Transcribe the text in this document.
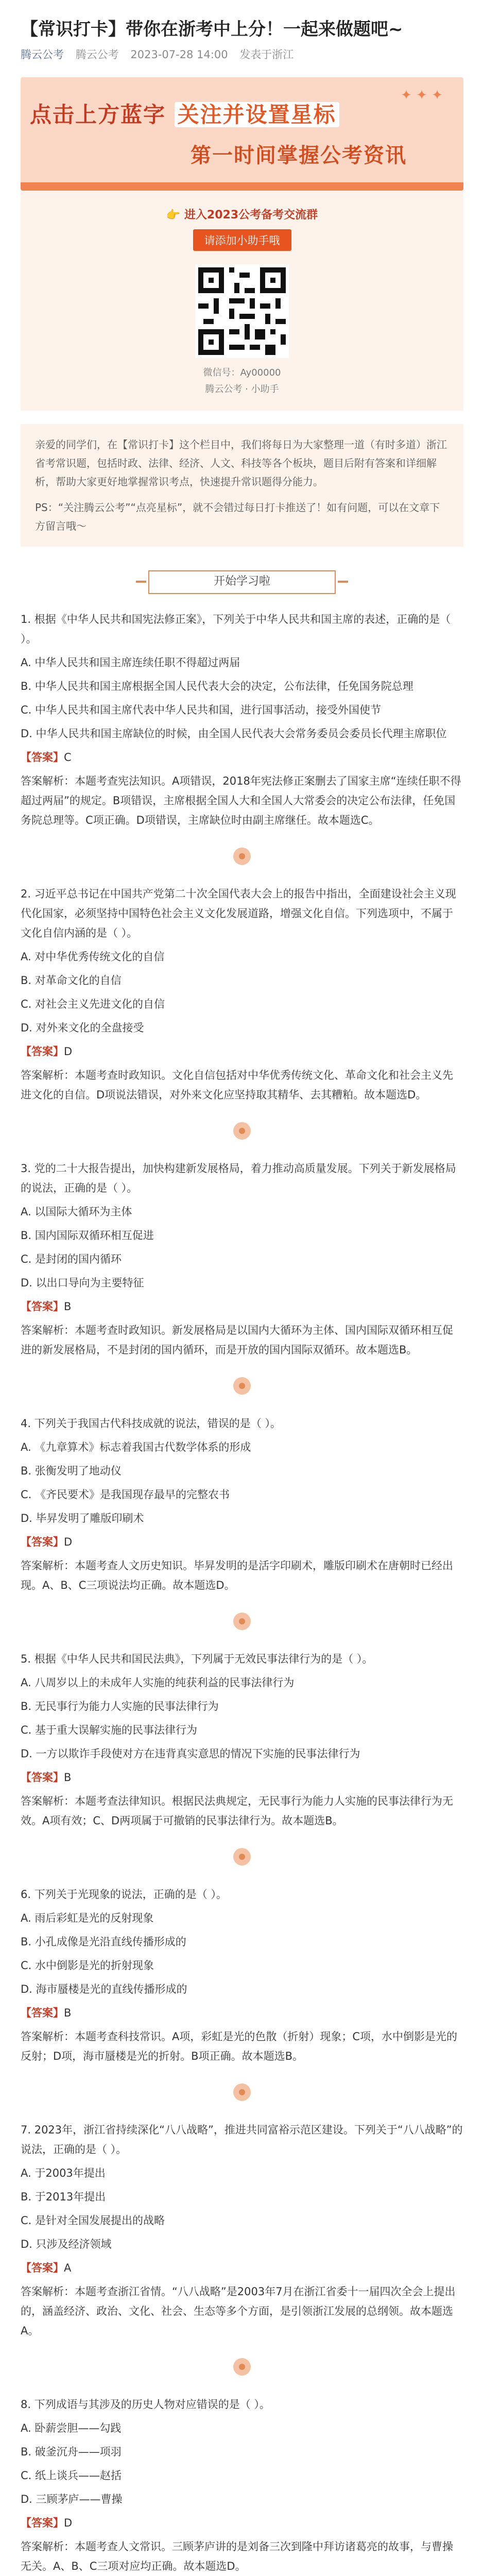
【常识打卡】带你在浙考中上分！一起来做题吧~
腾云公考 腾云公考 2023-07-28 14:00 发表于浙江
✦ ✦ ✦
点击上方蓝字 关注并设置星标
第一时间掌握公考资讯
👉 进入2023公考备考交流群
请添加小助手哦
微信号：Ay00000
腾云公考 · 小助手

亲爱的同学们，在【常识打卡】这个栏目中，我们将每日为大家整理一道（有时多道）浙江省考常识题，包括时政、法律、经济、人文、科技等各个板块，题目后附有答案和详细解析，帮助大家更好地掌握常识考点，快速提升常识题得分能力。

PS：“关注腾云公考”“点亮星标”，就不会错过每日打卡推送了！如有问题，可以在文章下方留言哦～

开始学习啦

1. 根据《中华人民共和国宪法修正案》，下列关于中华人民共和国主席的表述，正确的是（ ）。

A. 中华人民共和国主席连续任职不得超过两届

B. 中华人民共和国主席根据全国人民代表大会的决定，公布法律，任免国务院总理

C. 中华人民共和国主席代表中华人民共和国，进行国事活动，接受外国使节

D. 中华人民共和国主席缺位的时候，由全国人民代表大会常务委员会委员长代理主席职位

【答案】C

答案解析：本题考查宪法知识。A项错误，2018年宪法修正案删去了国家主席“连续任职不得超过两届”的规定。B项错误，主席根据全国人大和全国人大常委会的决定公布法律，任免国务院总理等。C项正确。D项错误，主席缺位时由副主席继任。故本题选C。

2. 习近平总书记在中国共产党第二十次全国代表大会上的报告中指出，全面建设社会主义现代化国家，必须坚持中国特色社会主义文化发展道路，增强文化自信。下列选项中，不属于文化自信内涵的是（ ）。

A. 对中华优秀传统文化的自信

B. 对革命文化的自信

C. 对社会主义先进文化的自信

D. 对外来文化的全盘接受

【答案】D

答案解析：本题考查时政知识。文化自信包括对中华优秀传统文化、革命文化和社会主义先进文化的自信。D项说法错误，对外来文化应坚持取其精华、去其糟粕。故本题选D。

3. 党的二十大报告提出，加快构建新发展格局，着力推动高质量发展。下列关于新发展格局的说法，正确的是（ ）。

A. 以国际大循环为主体

B. 国内国际双循环相互促进

C. 是封闭的国内循环

D. 以出口导向为主要特征

【答案】B

答案解析：本题考查时政知识。新发展格局是以国内大循环为主体、国内国际双循环相互促进的新发展格局，不是封闭的国内循环，而是开放的国内国际双循环。故本题选B。

4. 下列关于我国古代科技成就的说法，错误的是（ ）。

A. 《九章算术》标志着我国古代数学体系的形成

B. 张衡发明了地动仪

C. 《齐民要术》是我国现存最早的完整农书

D. 毕昇发明了雕版印刷术

【答案】D

答案解析：本题考查人文历史知识。毕昇发明的是活字印刷术，雕版印刷术在唐朝时已经出现。A、B、C三项说法均正确。故本题选D。

5. 根据《中华人民共和国民法典》，下列属于无效民事法律行为的是（ ）。

A. 八周岁以上的未成年人实施的纯获利益的民事法律行为

B. 无民事行为能力人实施的民事法律行为

C. 基于重大误解实施的民事法律行为

D. 一方以欺诈手段使对方在违背真实意思的情况下实施的民事法律行为

【答案】B

答案解析：本题考查法律知识。根据民法典规定，无民事行为能力人实施的民事法律行为无效。A项有效；C、D两项属于可撤销的民事法律行为。故本题选B。

6. 下列关于光现象的说法，正确的是（ ）。

A. 雨后彩虹是光的反射现象

B. 小孔成像是光沿直线传播形成的

C. 水中倒影是光的折射现象

D. 海市蜃楼是光的直线传播形成的

【答案】B

答案解析：本题考查科技常识。A项，彩虹是光的色散（折射）现象；C项，水中倒影是光的反射；D项，海市蜃楼是光的折射。B项正确。故本题选B。

7. 2023年，浙江省持续深化“八八战略”，推进共同富裕示范区建设。下列关于“八八战略”的说法，正确的是（ ）。

A. 于2003年提出

B. 于2013年提出

C. 是针对全国发展提出的战略

D. 只涉及经济领域

【答案】A

答案解析：本题考查浙江省情。“八八战略”是2003年7月在浙江省委十一届四次全会上提出的，涵盖经济、政治、文化、社会、生态等多个方面，是引领浙江发展的总纲领。故本题选A。

8. 下列成语与其涉及的历史人物对应错误的是（ ）。

A. 卧薪尝胆——勾践

B. 破釜沉舟——项羽

C. 纸上谈兵——赵括

D. 三顾茅庐——曹操

【答案】D

答案解析：本题考查人文常识。三顾茅庐讲的是刘备三次到隆中拜访诸葛亮的故事，与曹操无关。A、B、C三项对应均正确。故本题选D。
